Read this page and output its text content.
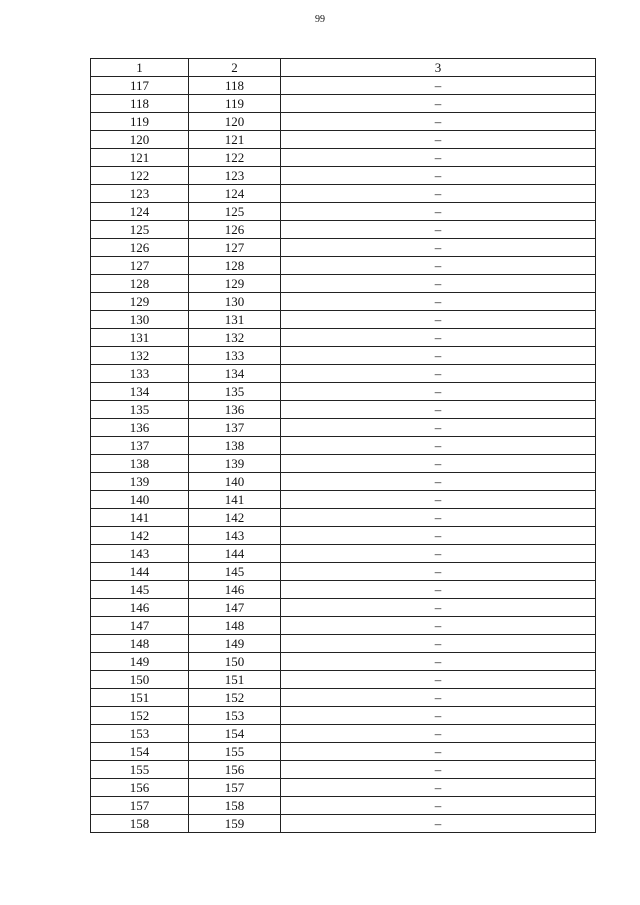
99
1	2	3
117	118	–
118	119	–
119	120	–
120	121	–
121	122	–
122	123	–
123	124	–
124	125	–
125	126	–
126	127	–
127	128	–
128	129	–
129	130	–
130	131	–
131	132	–
132	133	–
133	134	–
134	135	–
135	136	–
136	137	–
137	138	–
138	139	–
139	140	–
140	141	–
141	142	–
142	143	–
143	144	–
144	145	–
145	146	–
146	147	–
147	148	–
148	149	–
149	150	–
150	151	–
151	152	–
152	153	–
153	154	–
154	155	–
155	156	–
156	157	–
157	158	–
158	159	–
